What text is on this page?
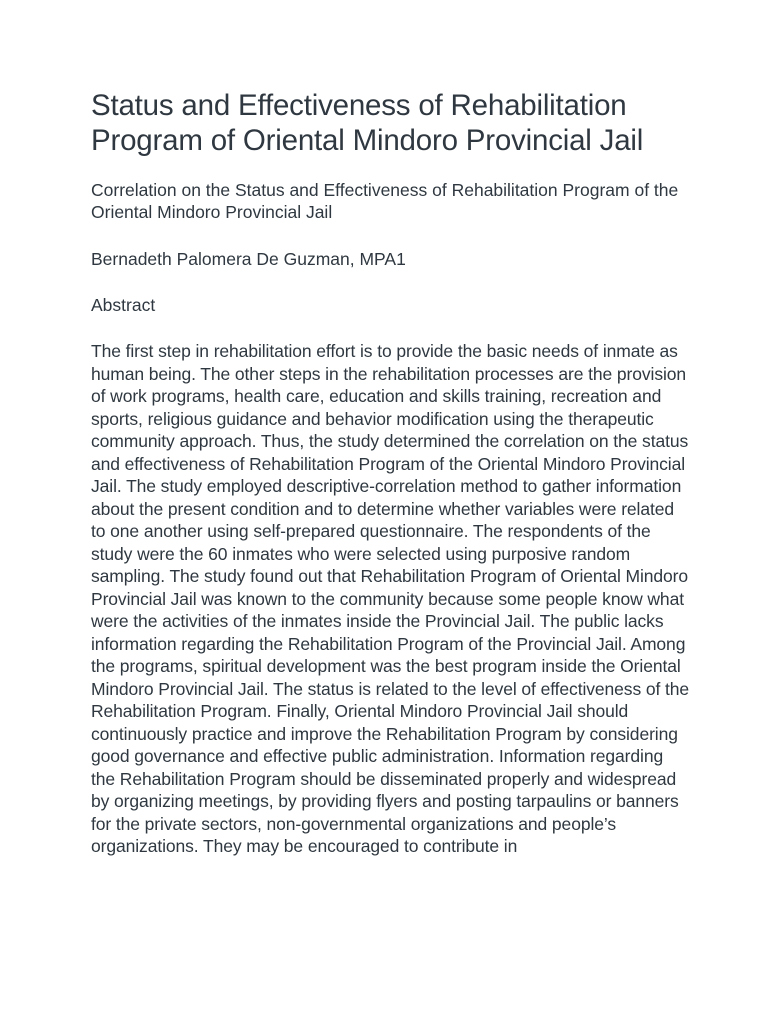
Status and Effectiveness of Rehabilitation Program of Oriental Mindoro Provincial Jail
Correlation on the Status and Effectiveness of Rehabilitation Program of the Oriental Mindoro Provincial Jail
Bernadeth Palomera De Guzman, MPA1
Abstract
The first step in rehabilitation effort is to provide the basic needs of inmate as human being. The other steps in the rehabilitation processes are the provision of work programs, health care, education and skills training, recreation and sports, religious guidance and behavior modification using the therapeutic community approach. Thus, the study determined the correlation on the status and effectiveness of Rehabilitation Program of the Oriental Mindoro Provincial Jail. The study employed descriptive-correlation method to gather information about the present condition and to determine whether variables were related to one another using self-prepared questionnaire. The respondents of the study were the 60 inmates who were selected using purposive random sampling. The study found out that Rehabilitation Program of Oriental Mindoro Provincial Jail was known to the community because some people know what were the activities of the inmates inside the Provincial Jail. The public lacks information regarding the Rehabilitation Program of the Provincial Jail. Among the programs, spiritual development was the best program inside the Oriental Mindoro Provincial Jail. The status is related to the level of effectiveness of the Rehabilitation Program. Finally, Oriental Mindoro Provincial Jail should continuously practice and improve the Rehabilitation Program by considering good governance and effective public administration. Information regarding the Rehabilitation Program should be disseminated properly and widespread by organizing meetings, by providing flyers and posting tarpaulins or banners for the private sectors, non-governmental organizations and people’s organizations. They may be encouraged to contribute in
